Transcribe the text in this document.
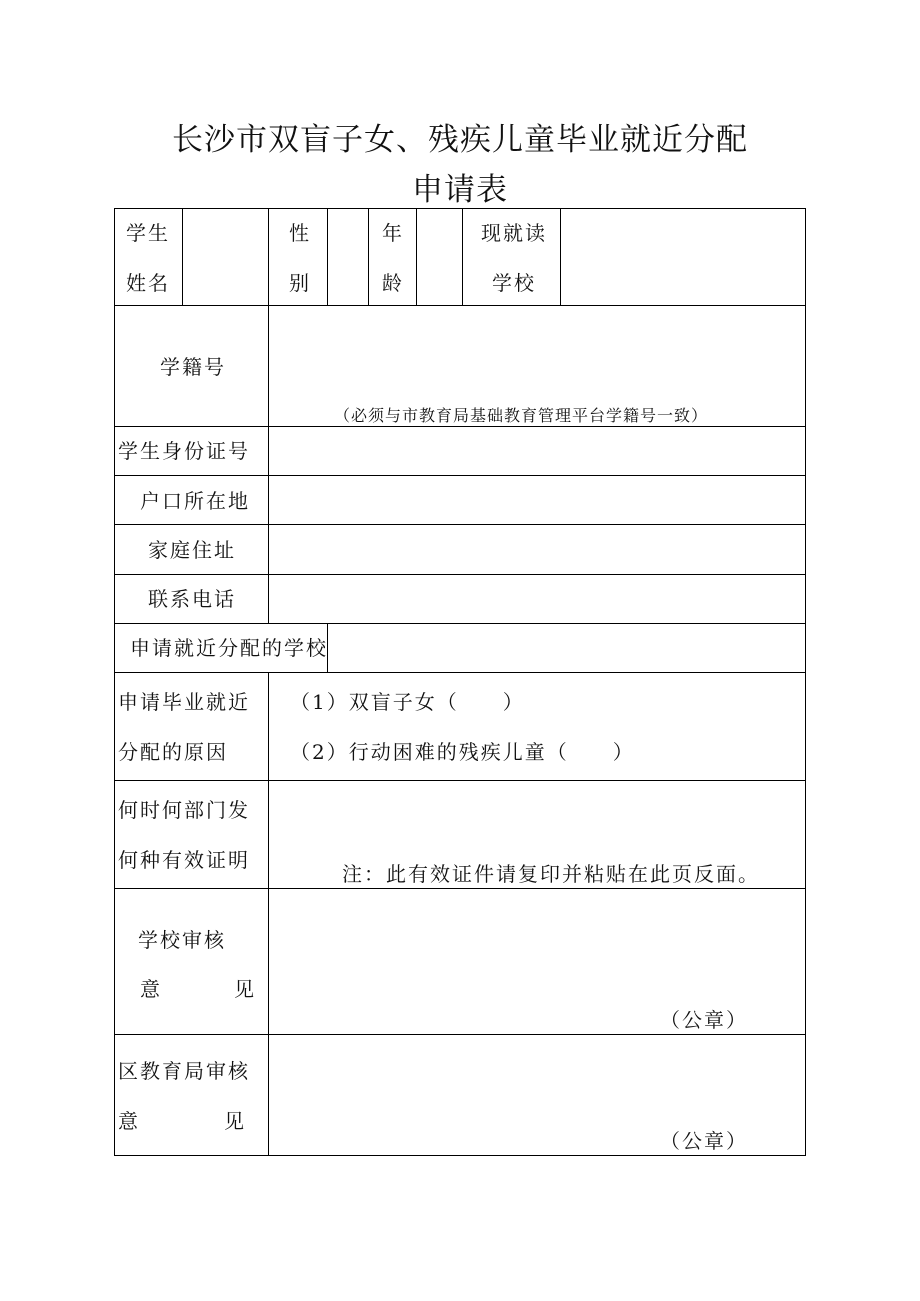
长沙市双盲子女、残疾儿童毕业就近分配
申请表
学生
姓名
性
别
年
龄
现就读
学校
学籍号
（必须与市教育局基础教育管理平台学籍号一致）
学生身份证号
户口所在地
家庭住址
联系电话
申请就近分配的学校
申请毕业就近
分配的原因
（1）双盲子女（　　）
（2）行动困难的残疾儿童（　　）
何时何部门发
何种有效证明
注：此有效证件请复印并粘贴在此页反面。
学校审核
意	见
（公章）
区教育局审核
意	见
（公章）
